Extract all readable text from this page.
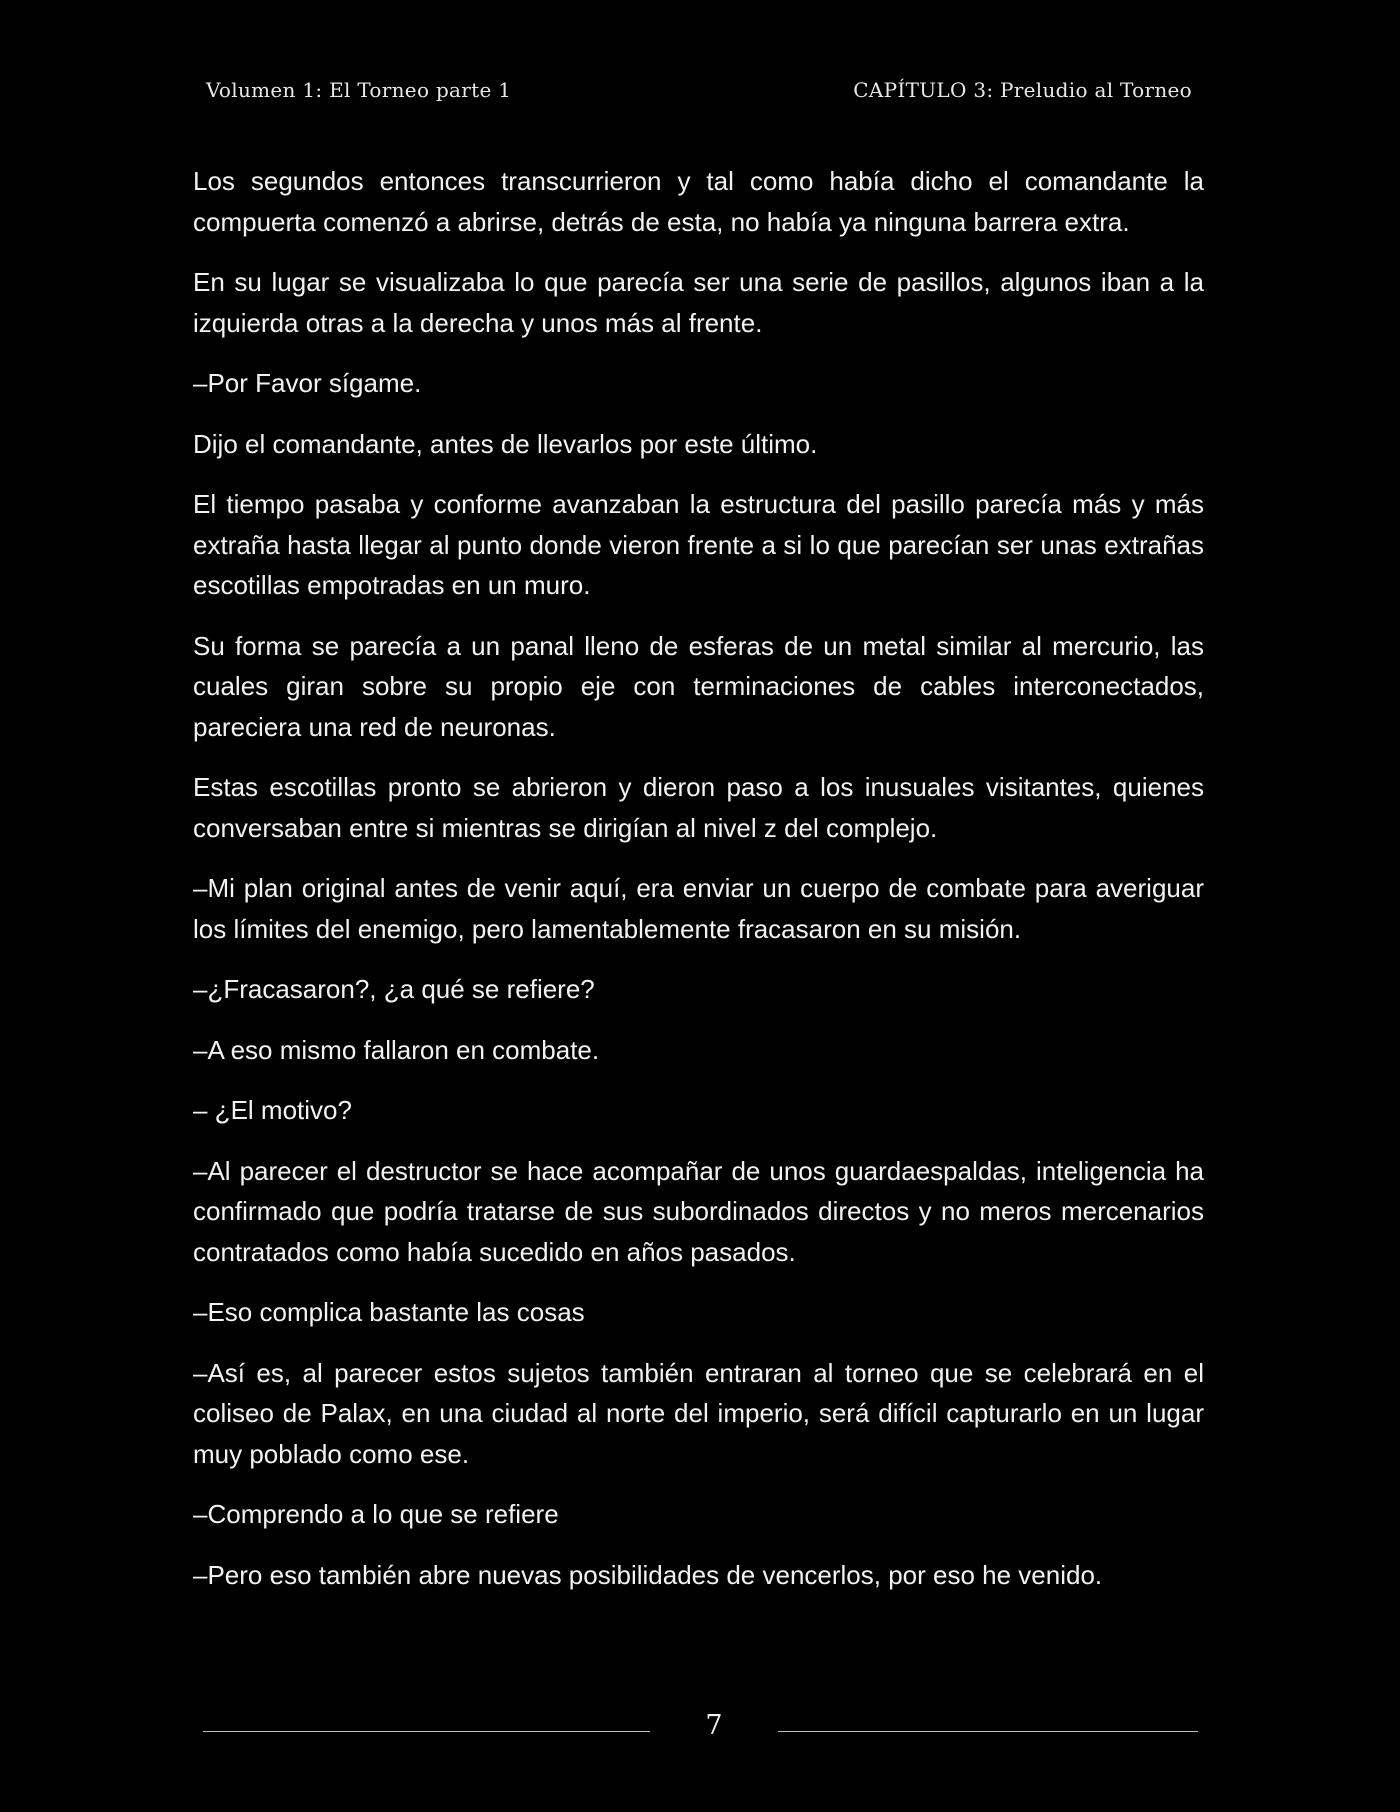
Volumen 1: El Torneo parte 1	CAPÍTULO 3: Preludio al Torneo

Los segundos entonces transcurrieron y tal como había dicho el comandante la compuerta comenzó a abrirse, detrás de esta, no había ya ninguna barrera extra.

En su lugar se visualizaba lo que parecía ser una serie de pasillos, algunos iban a la izquierda otras a la derecha y unos más al frente.

–Por Favor sígame.

Dijo el comandante, antes de llevarlos por este último.

El tiempo pasaba y conforme avanzaban la estructura del pasillo parecía más y más extraña hasta llegar al punto donde vieron frente a si lo que parecían ser unas extrañas escotillas empotradas en un muro.

Su forma se parecía a un panal lleno de esferas de un metal similar al mercurio, las cuales giran sobre su propio eje con terminaciones de cables interconectados, pareciera una red de neuronas.

Estas escotillas pronto se abrieron y dieron paso a los inusuales visitantes, quienes conversaban entre si mientras se dirigían al nivel z del complejo.

–Mi plan original antes de venir aquí, era enviar un cuerpo de combate para averiguar los límites del enemigo, pero lamentablemente fracasaron en su misión.

–¿Fracasaron?, ¿a qué se refiere?

–A eso mismo fallaron en combate.

– ¿El motivo?

–Al parecer el destructor se hace acompañar de unos guardaespaldas, inteligencia ha confirmado que podría tratarse de sus subordinados directos y no meros mercenarios contratados como había sucedido en años pasados.

–Eso complica bastante las cosas

–Así es, al parecer estos sujetos también entraran al torneo que se celebrará en el coliseo de Palax, en una ciudad al norte del imperio, será difícil capturarlo en un lugar muy poblado como ese.

–Comprendo a lo que se refiere

–Pero eso también abre nuevas posibilidades de vencerlos, por eso he venido.

7
